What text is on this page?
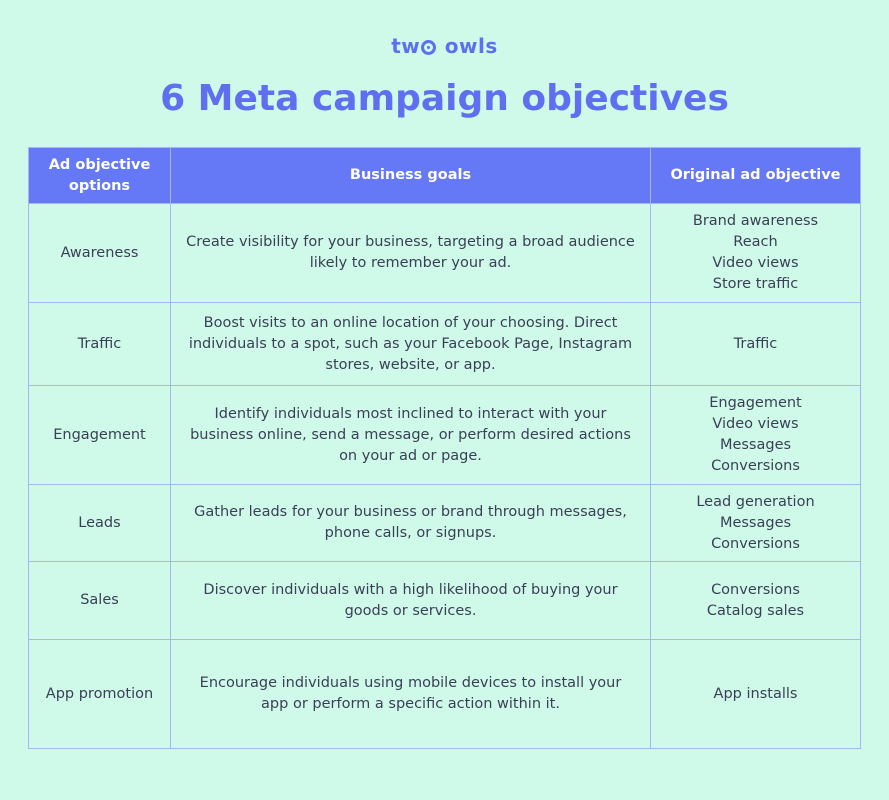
tw owls
6 Meta campaign objectives
Ad objective
options	Business goals	Original ad objective
Awareness	Create visibility for your business, targeting a broad audience
likely to remember your ad.	Brand awareness
Reach
Video views
Store traffic

Traffic	Boost visits to an online location of your choosing. Direct
individuals to a spot, such as your Facebook Page, Instagram
stores, website, or app.	Traffic

Engagement	Identify individuals most inclined to interact with your
business online, send a message, or perform desired actions
on your ad or page.	Engagement
Video views
Messages
Conversions

Leads	Gather leads for your business or brand through messages,
phone calls, or signups.	Lead generation
Messages
Conversions

Sales	Discover individuals with a high likelihood of buying your
goods or services.	Conversions
Catalog sales

App promotion	Encourage individuals using mobile devices to install your
app or perform a specific action within it.	App installs
